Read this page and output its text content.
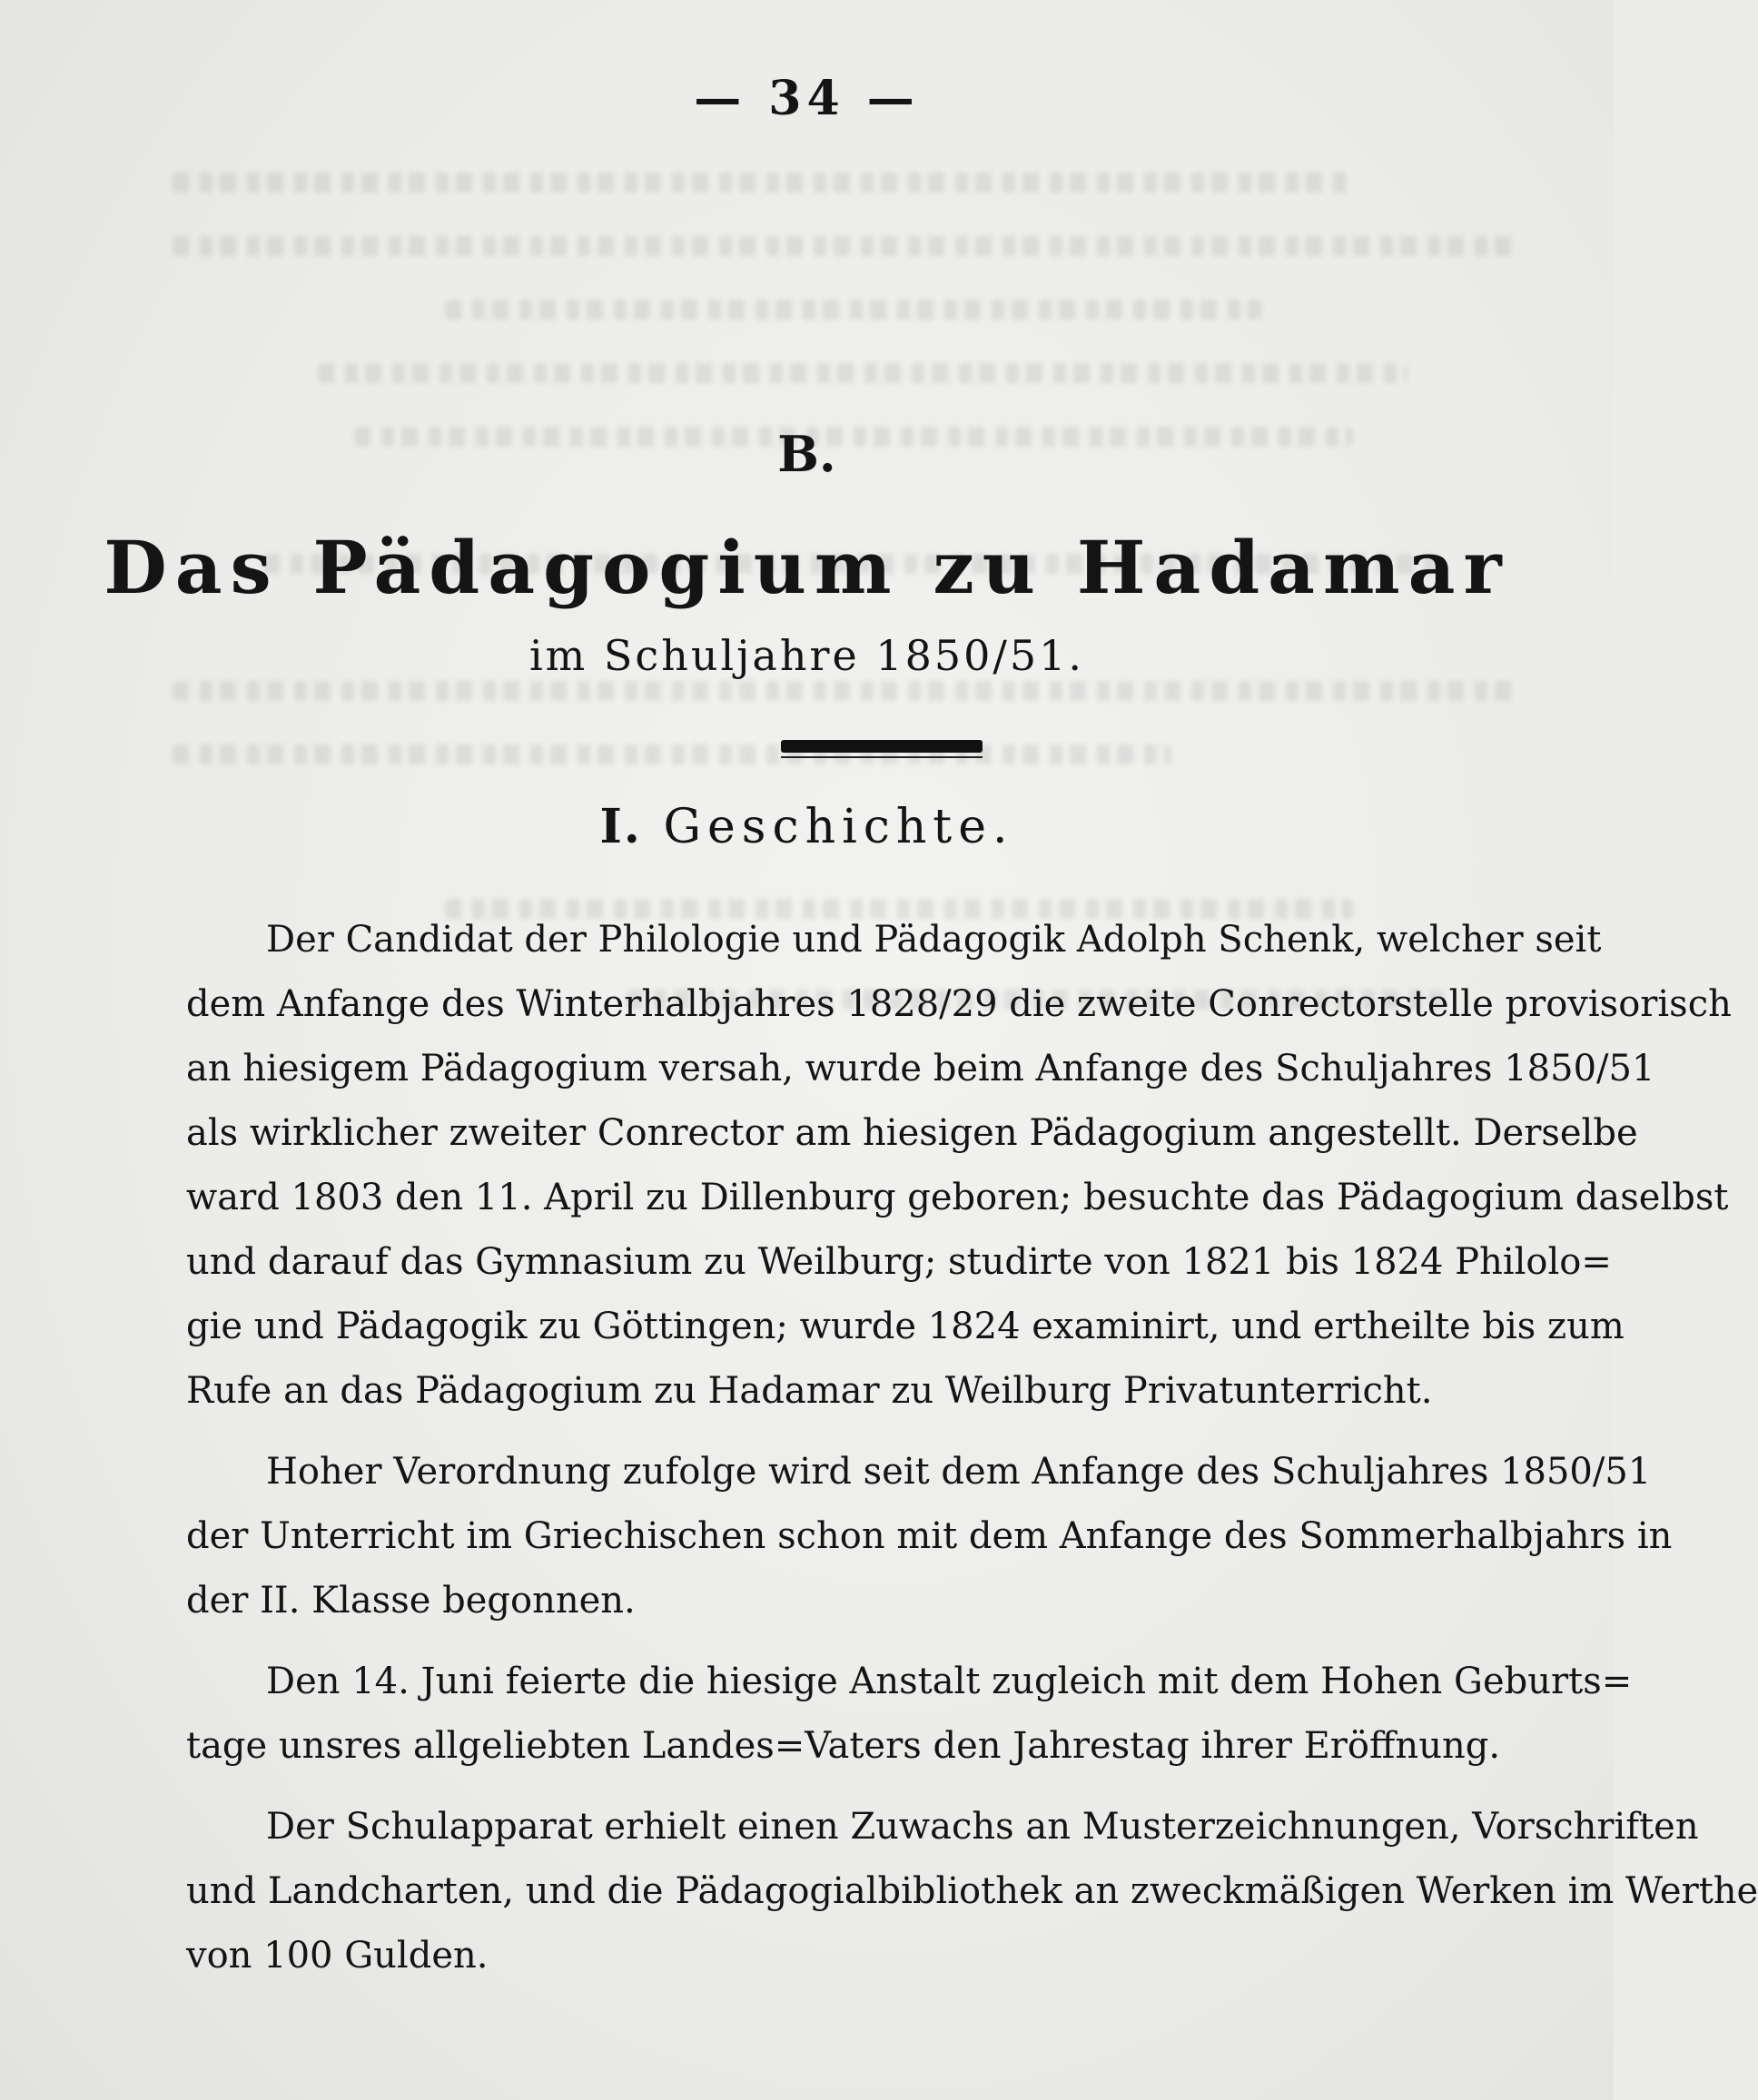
— 34 —
B.
Das Pädagogium zu Hadamar
im Schuljahre 1850/51.
I. Geschichte.
Der Candidat der Philologie und Pädagogik Adolph Schenk, welcher seit
dem Anfange des Winterhalbjahres 1828/29 die zweite Conrectorstelle provisorisch
an hiesigem Pädagogium versah, wurde beim Anfange des Schuljahres 1850/51
als wirklicher zweiter Conrector am hiesigen Pädagogium angestellt. Derselbe
ward 1803 den 11. April zu Dillenburg geboren; besuchte das Pädagogium daselbst
und darauf das Gymnasium zu Weilburg; studirte von 1821 bis 1824 Philolo=
gie und Pädagogik zu Göttingen; wurde 1824 examinirt, und ertheilte bis zum
Rufe an das Pädagogium zu Hadamar zu Weilburg Privatunterricht.
Hoher Verordnung zufolge wird seit dem Anfange des Schuljahres 1850/51
der Unterricht im Griechischen schon mit dem Anfange des Sommerhalbjahrs in
der II. Klasse begonnen.
Den 14. Juni feierte die hiesige Anstalt zugleich mit dem Hohen Geburts=
tage unsres allgeliebten Landes=Vaters den Jahrestag ihrer Eröffnung.
Der Schulapparat erhielt einen Zuwachs an Musterzeichnungen, Vorschriften
und Landcharten, und die Pädagogialbibliothek an zweckmäßigen Werken im Werthe
von 100 Gulden.
